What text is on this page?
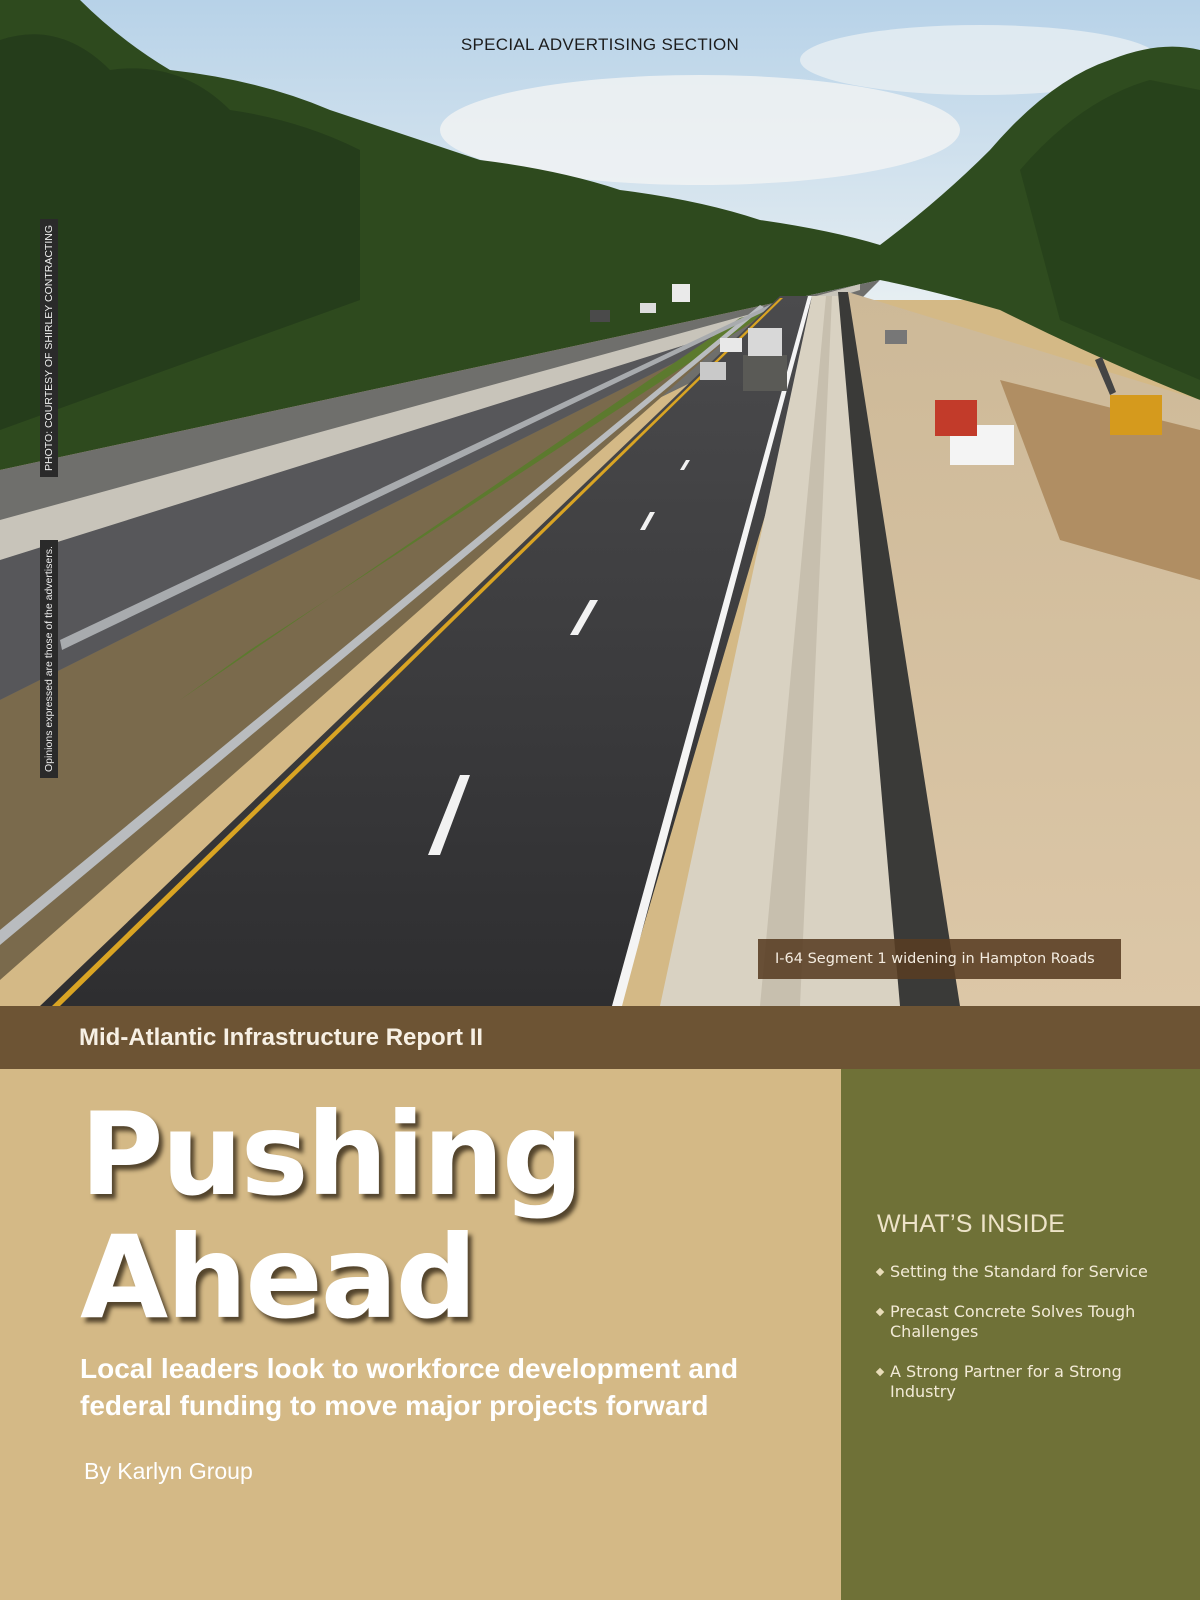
SPECIAL ADVERTISING SECTION
PHOTO: COURTESY OF SHIRLEY CONTRACTING
Opinions expressed are those of the advertisers.
I-64 Segment 1 widening in Hampton Roads
Mid-Atlantic Infrastructure Report II
Pushing
Ahead
Local leaders look to workforce development and federal funding to move major projects forward
By Karlyn Group
WHAT’S INSIDE
Setting the Standard for Service
Precast Concrete Solves Tough Challenges
A Strong Partner for a Strong Industry
